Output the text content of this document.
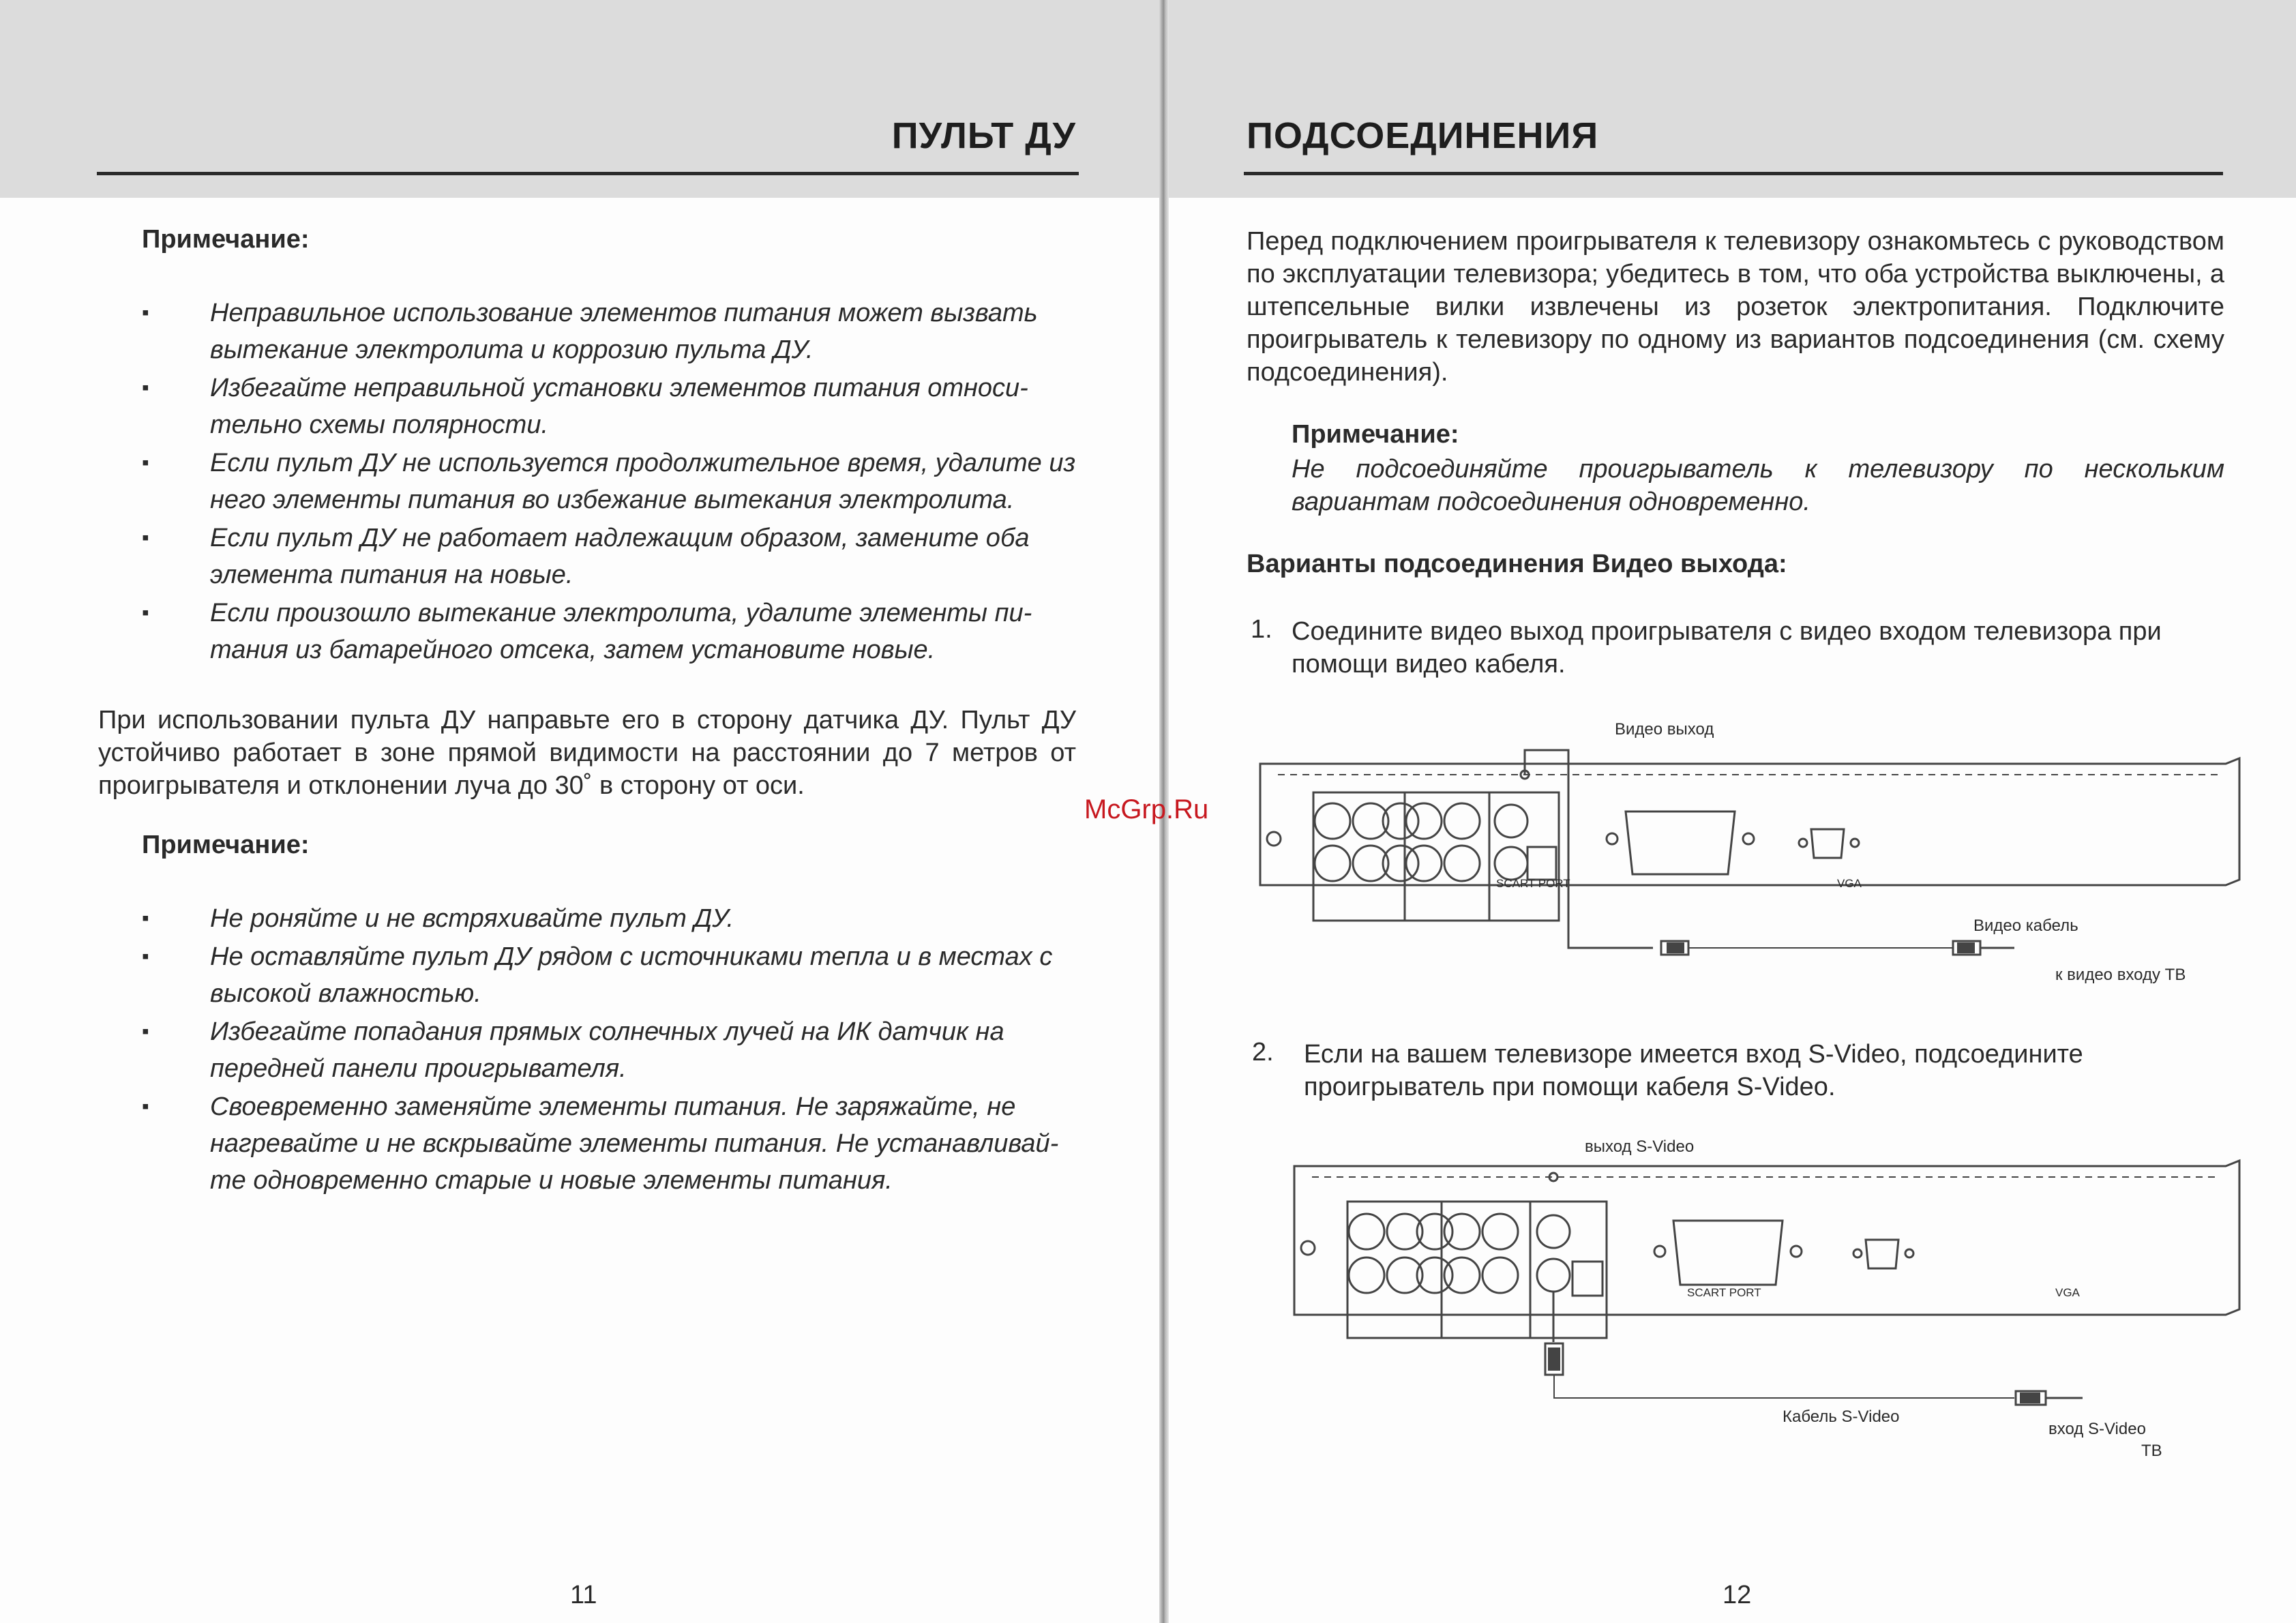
ПУЛЬТ ДУ
Примечание:
▪ Неправильное использование элементов питания может вызвать вытекание электролита и коррозию пульта ДУ.
▪ Избегайте неправильной установки элементов питания относи-тельно схемы полярности.
▪ Если пульт ДУ не используется продолжительное время, удалите из него элементы питания во избежание вытекания электролита.
▪ Если пульт ДУ не работает надлежащим образом, замените оба элемента питания на новые.
▪ Если произошло вытекание электролита, удалите элементы пи-тания из батарейного отсека, затем установите новые.
При использовании пульта ДУ направьте его в сторону датчика ДУ. Пульт ДУ устойчиво работает в зоне прямой видимости на расстоянии до 7 метров от проигрывателя и отклонении луча до 30˚ в сторону от оси.
Примечание:
▪ Не роняйте и не встряхивайте пульт ДУ.
▪ Не оставляйте пульт ДУ рядом с источниками тепла и в местах с высокой влажностью.
▪ Избегайте попадания прямых солнечных лучей на ИК датчик на передней панели проигрывателя.
▪ Своевременно заменяйте элементы питания. Не заряжайте, не нагревайте и не вскрывайте элементы питания. Не устанавливай-те одновременно старые и новые элементы питания.
11
ПОДСОЕДИНЕНИЯ
Перед подключением проигрывателя к телевизору ознакомьтесь с руководством по эксплуатации телевизора; убедитесь в том, что оба устройства выключены, а штепсельные вилки извлечены из розеток электропитания. Подключите проигрыватель к телевизору по одному из вариантов подсоединения (см. схему подсоединения).
Примечание:
Не подсоединяйте проигрыватель к телевизору по нескольким вариантам подсоединения одновременно.
Варианты подсоединения Видео выхода:
1. Соедините видео выход проигрывателя с видео входом телевизора при помощи видео кабеля.
Видео выход
Видео кабель
к видео входу ТВ
SCART PORT	VGA
2. Если на вашем телевизоре имеется вход S-Video, подсоедините проигрыватель при помощи кабеля S-Video.
выход S-Video
Кабель S-Video
вход S-Video
ТВ
SCART PORT	VGA
12
McGrp.Ru
